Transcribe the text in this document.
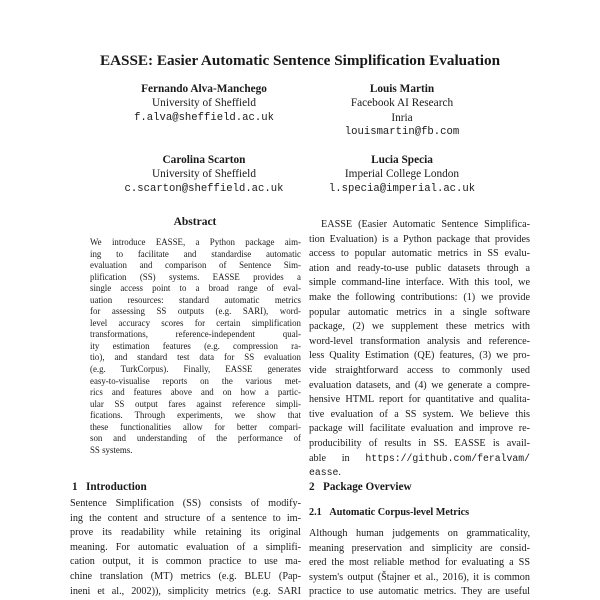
EASSE: Easier Automatic Sentence Simplification Evaluation
Fernando Alva-Manchego
University of Sheffield
f.alva@sheffield.ac.uk
Louis Martin
Facebook AI Research
Inria
louismartin@fb.com
Carolina Scarton
University of Sheffield
c.scarton@sheffield.ac.uk
Lucia Specia
Imperial College London
l.specia@imperial.ac.uk
Abstract
We introduce EASSE, a Python package aim-
ing to facilitate and standardise automatic
evaluation and comparison of Sentence Sim-
plification (SS) systems. EASSE provides a
single access point to a broad range of eval-
uation resources: standard automatic metrics
for assessing SS outputs (e.g. SARI), word-
level accuracy scores for certain simplification
transformations, reference-independent qual-
ity estimation features (e.g. compression ra-
tio), and standard test data for SS evaluation
(e.g. TurkCorpus). Finally, EASSE generates
easy-to-visualise reports on the various met-
rics and features above and on how a partic-
ular SS output fares against reference simpli-
fications. Through experiments, we show that
these functionalities allow for better compari-
son and understanding of the performance of
SS systems.
EASSE (Easier Automatic Sentence Simplifica-
tion Evaluation) is a Python package that provides
access to popular automatic metrics in SS evalu-
ation and ready-to-use public datasets through a
simple command-line interface. With this tool, we
make the following contributions: (1) we provide
popular automatic metrics in a single software
package, (2) we supplement these metrics with
word-level transformation analysis and reference-
less Quality Estimation (QE) features, (3) we pro-
vide straightforward access to commonly used
evaluation datasets, and (4) we generate a compre-
hensive HTML report for quantitative and qualita-
tive evaluation of a SS system. We believe this
package will facilitate evaluation and improve re-
producibility of results in SS. EASSE is avail-
able in https://github.com/feralvam/
easse.
1 Introduction
Sentence Simplification (SS) consists of modify-
ing the content and structure of a sentence to im-
prove its readability while retaining its original
meaning. For automatic evaluation of a simplifi-
cation output, it is common practice to use ma-
chine translation (MT) metrics (e.g. BLEU (Pap-
ineni et al., 2002)), simplicity metrics (e.g. SARI
2 Package Overview
2.1 Automatic Corpus-level Metrics
Although human judgements on grammaticality,
meaning preservation and simplicity are consid-
ered the most reliable method for evaluating a SS
system's output (Štajner et al., 2016), it is common
practice to use automatic metrics. They are useful
